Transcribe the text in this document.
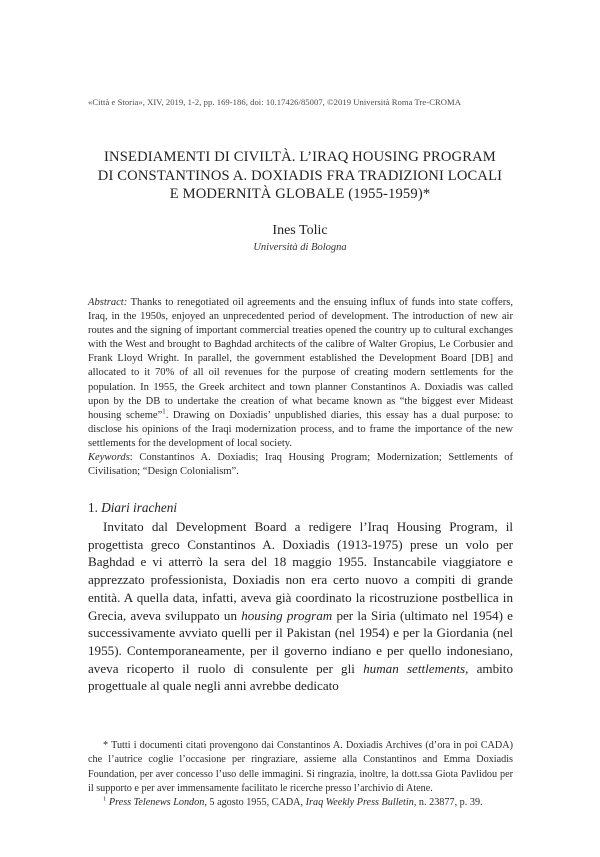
«Città e Storia», XIV, 2019, 1-2, pp. 169-186, doi: 10.17426/85007, ©2019 Università Roma Tre-CROMA
INSEDIAMENTI DI CIVILTÀ. L’IRAQ HOUSING PROGRAM
DI CONSTANTINOS A. DOXIADIS FRA TRADIZIONI LOCALI
E MODERNITÀ GLOBALE (1955-1959)*
Ines Tolic
Università di Bologna

Abstract: Thanks to renegotiated oil agreements and the ensuing influx of funds into state coffers, Iraq, in the 1950s, enjoyed an unprecedented period of development. The introduction of new air routes and the signing of important commercial treaties opened the country up to cultural exchanges with the West and brought to Baghdad architects of the calibre of Walter Gropius, Le Corbusier and Frank Lloyd Wright. In parallel, the government established the Development Board [DB] and allocated to it 70% of all oil revenues for the purpose of creating modern settlements for the population. In 1955, the Greek architect and town planner Constantinos A. Doxiadis was called upon by the DB to undertake the creation of what became known as “the biggest ever Mideast housing scheme”$^1$. Drawing on Doxiadis’ unpublished diaries, this essay has a dual purpose: to disclose his opinions of the Iraqi modernization process, and to frame the importance of the new settlements for the development of local society.

Keywords: Constantinos A. Doxiadis; Iraq Housing Program; Modernization; Settlements of Civilisation; “Design Colonialism”.

1. Diari iracheni

Invitato dal Development Board a redigere l’Iraq Housing Program, il progettista greco Constantinos A. Doxiadis (1913-1975) prese un volo per Baghdad e vi atterrò la sera del 18 maggio 1955. Instancabile viaggiatore e apprezzato professionista, Doxiadis non era certo nuovo a compiti di grande entità. A quella data, infatti, aveva già coordinato la ricostruzione postbellica in Grecia, aveva sviluppato un housing program per la Siria (ultimato nel 1954) e successivamente avviato quelli per il Pakistan (nel 1954) e per la Giordania (nel 1955). Contemporaneamente, per il governo indiano e per quello indonesiano, aveva ricoperto il ruolo di consulente per gli human settlements, ambito progettuale al quale negli anni avrebbe dedicato

* Tutti i documenti citati provengono dai Constantinos A. Doxiadis Archives (d’ora in poi CADA) che l’autrice coglie l’occasione per ringraziare, assieme alla Constantinos and Emma Doxiadis Foundation, per aver concesso l’uso delle immagini. Si ringrazia, inoltre, la dott.ssa Giota Pavlidou per il supporto e per aver immensamente facilitato le ricerche presso l’archivio di Atene.

$^1$ Press Telenews London, 5 agosto 1955, CADA, Iraq Weekly Press Bulletin, n. 23877, p. 39.
